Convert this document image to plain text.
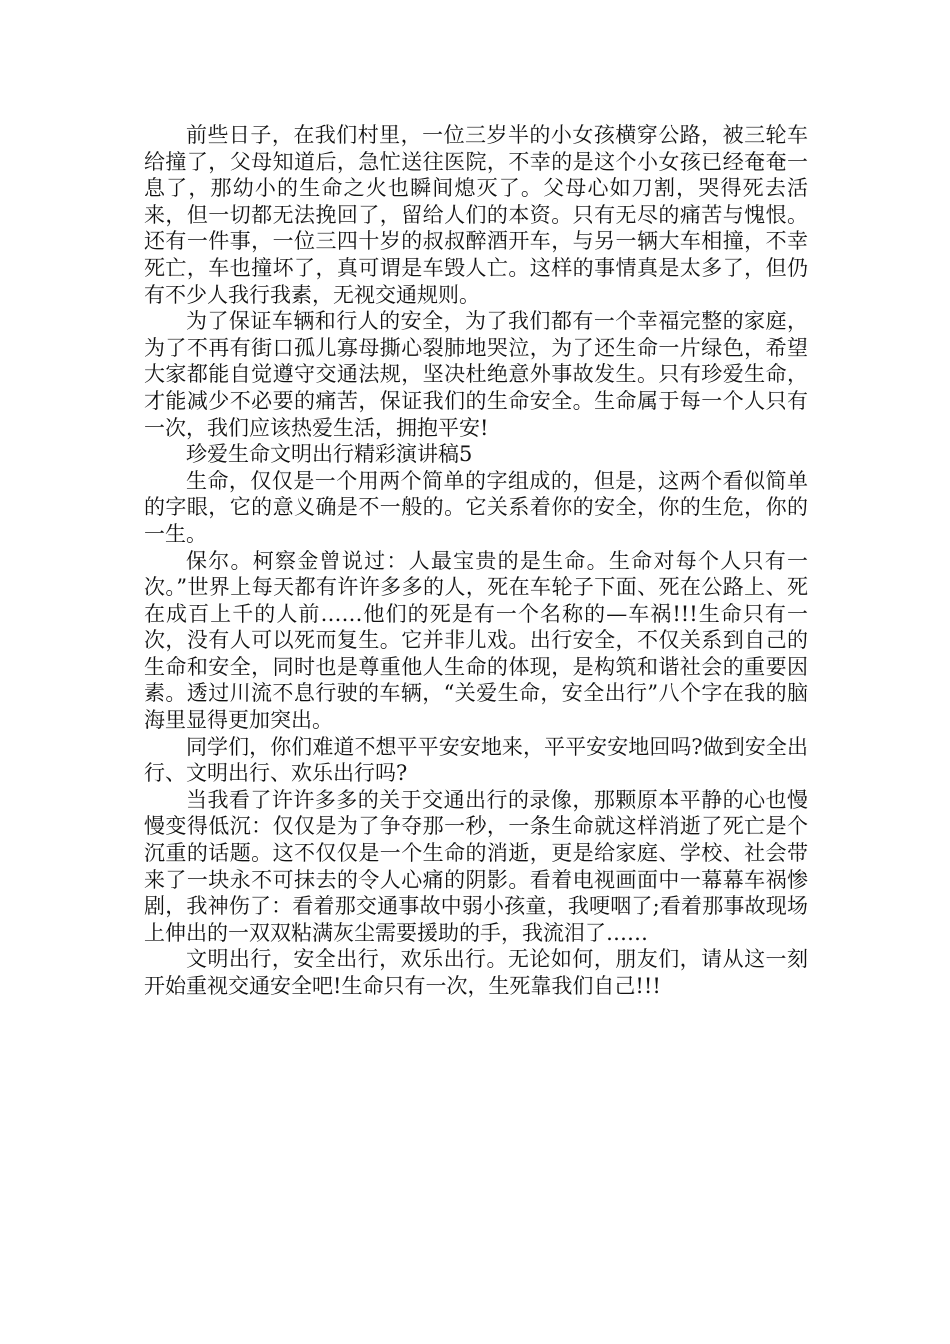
前些日子，在我们村里，一位三岁半的小女孩横穿公路，被三轮车给撞了，父母知道后，急忙送往医院，不幸的是这个小女孩已经奄奄一息了，那幼小的生命之火也瞬间熄灭了。父母心如刀割，哭得死去活来，但一切都无法挽回了，留给人们的本资。只有无尽的痛苦与愧恨。还有一件事，一位三四十岁的叔叔醉酒开车，与另一辆大车相撞，不幸死亡，车也撞坏了，真可谓是车毁人亡。这样的事情真是太多了，但仍有不少人我行我素，无视交通规则。

为了保证车辆和行人的安全，为了我们都有一个幸福完整的家庭，为了不再有街口孤儿寡母撕心裂肺地哭泣，为了还生命一片绿色，希望大家都能自觉遵守交通法规，坚决杜绝意外事故发生。只有珍爱生命，才能减少不必要的痛苦，保证我们的生命安全。生命属于每一个人只有一次，我们应该热爱生活，拥抱平安!

珍爱生命文明出行精彩演讲稿5

生命，仅仅是一个用两个简单的字组成的，但是，这两个看似简单的字眼，它的意义确是不一般的。它关系着你的安全，你的生危，你的一生。

保尔。柯察金曾说过：人最宝贵的是生命。生命对每个人只有一次。”世界上每天都有许许多多的人，死在车轮子下面、死在公路上、死在成百上千的人前……他们的死是有一个名称的—车祸!!!生命只有一次，没有人可以死而复生。它并非儿戏。出行安全，不仅关系到自己的生命和安全，同时也是尊重他人生命的体现，是构筑和谐社会的重要因素。透过川流不息行驶的车辆，“关爱生命，安全出行”八个字在我的脑海里显得更加突出。

同学们，你们难道不想平平安安地来，平平安安地回吗?做到安全出行、文明出行、欢乐出行吗?

当我看了许许多多的关于交通出行的录像，那颗原本平静的心也慢慢变得低沉：仅仅是为了争夺那一秒，一条生命就这样消逝了死亡是个沉重的话题。这不仅仅是一个生命的消逝，更是给家庭、学校、社会带来了一块永不可抹去的令人心痛的阴影。看着电视画面中一幕幕车祸惨剧，我神伤了：看着那交通事故中弱小孩童，我哽咽了;看着那事故现场上伸出的一双双粘满灰尘需要援助的手，我流泪了……

文明出行，安全出行，欢乐出行。无论如何，朋友们，请从这一刻开始重视交通安全吧!生命只有一次，生死靠我们自己!!!
